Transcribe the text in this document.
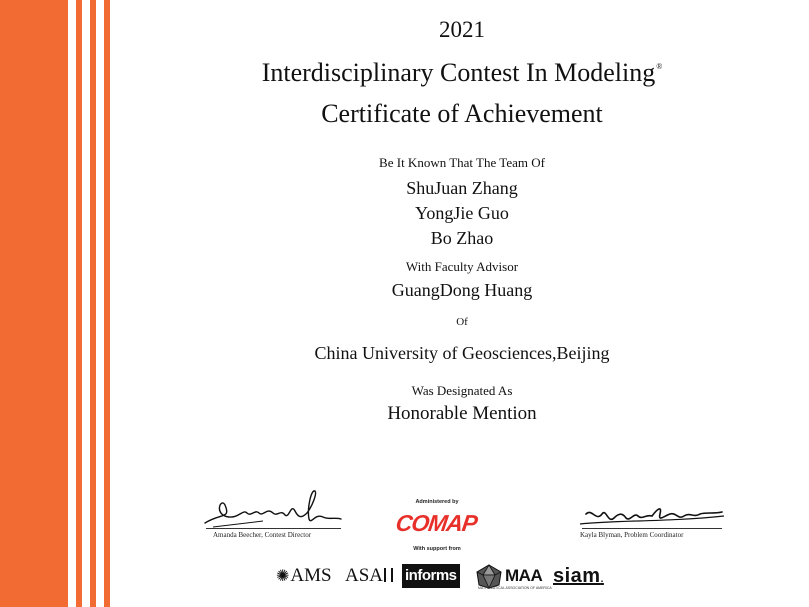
2021
Interdisciplinary Contest In Modeling®
Certificate of Achievement
Be It Known That The Team Of
ShuJuan Zhang
YongJie Guo
Bo Zhao
With Faculty Advisor
GuangDong Huang
Of
China University of Geosciences,Beijing
Was Designated As
Honorable Mention
Amanda Beecher, Contest Director	Kayla Blyman, Problem Coordinator
Administered by
COMAP
With support from
✺AMS ASA	informs	MAA
MATHEMATICAL ASSOCIATION OF AMERICA
siam.
